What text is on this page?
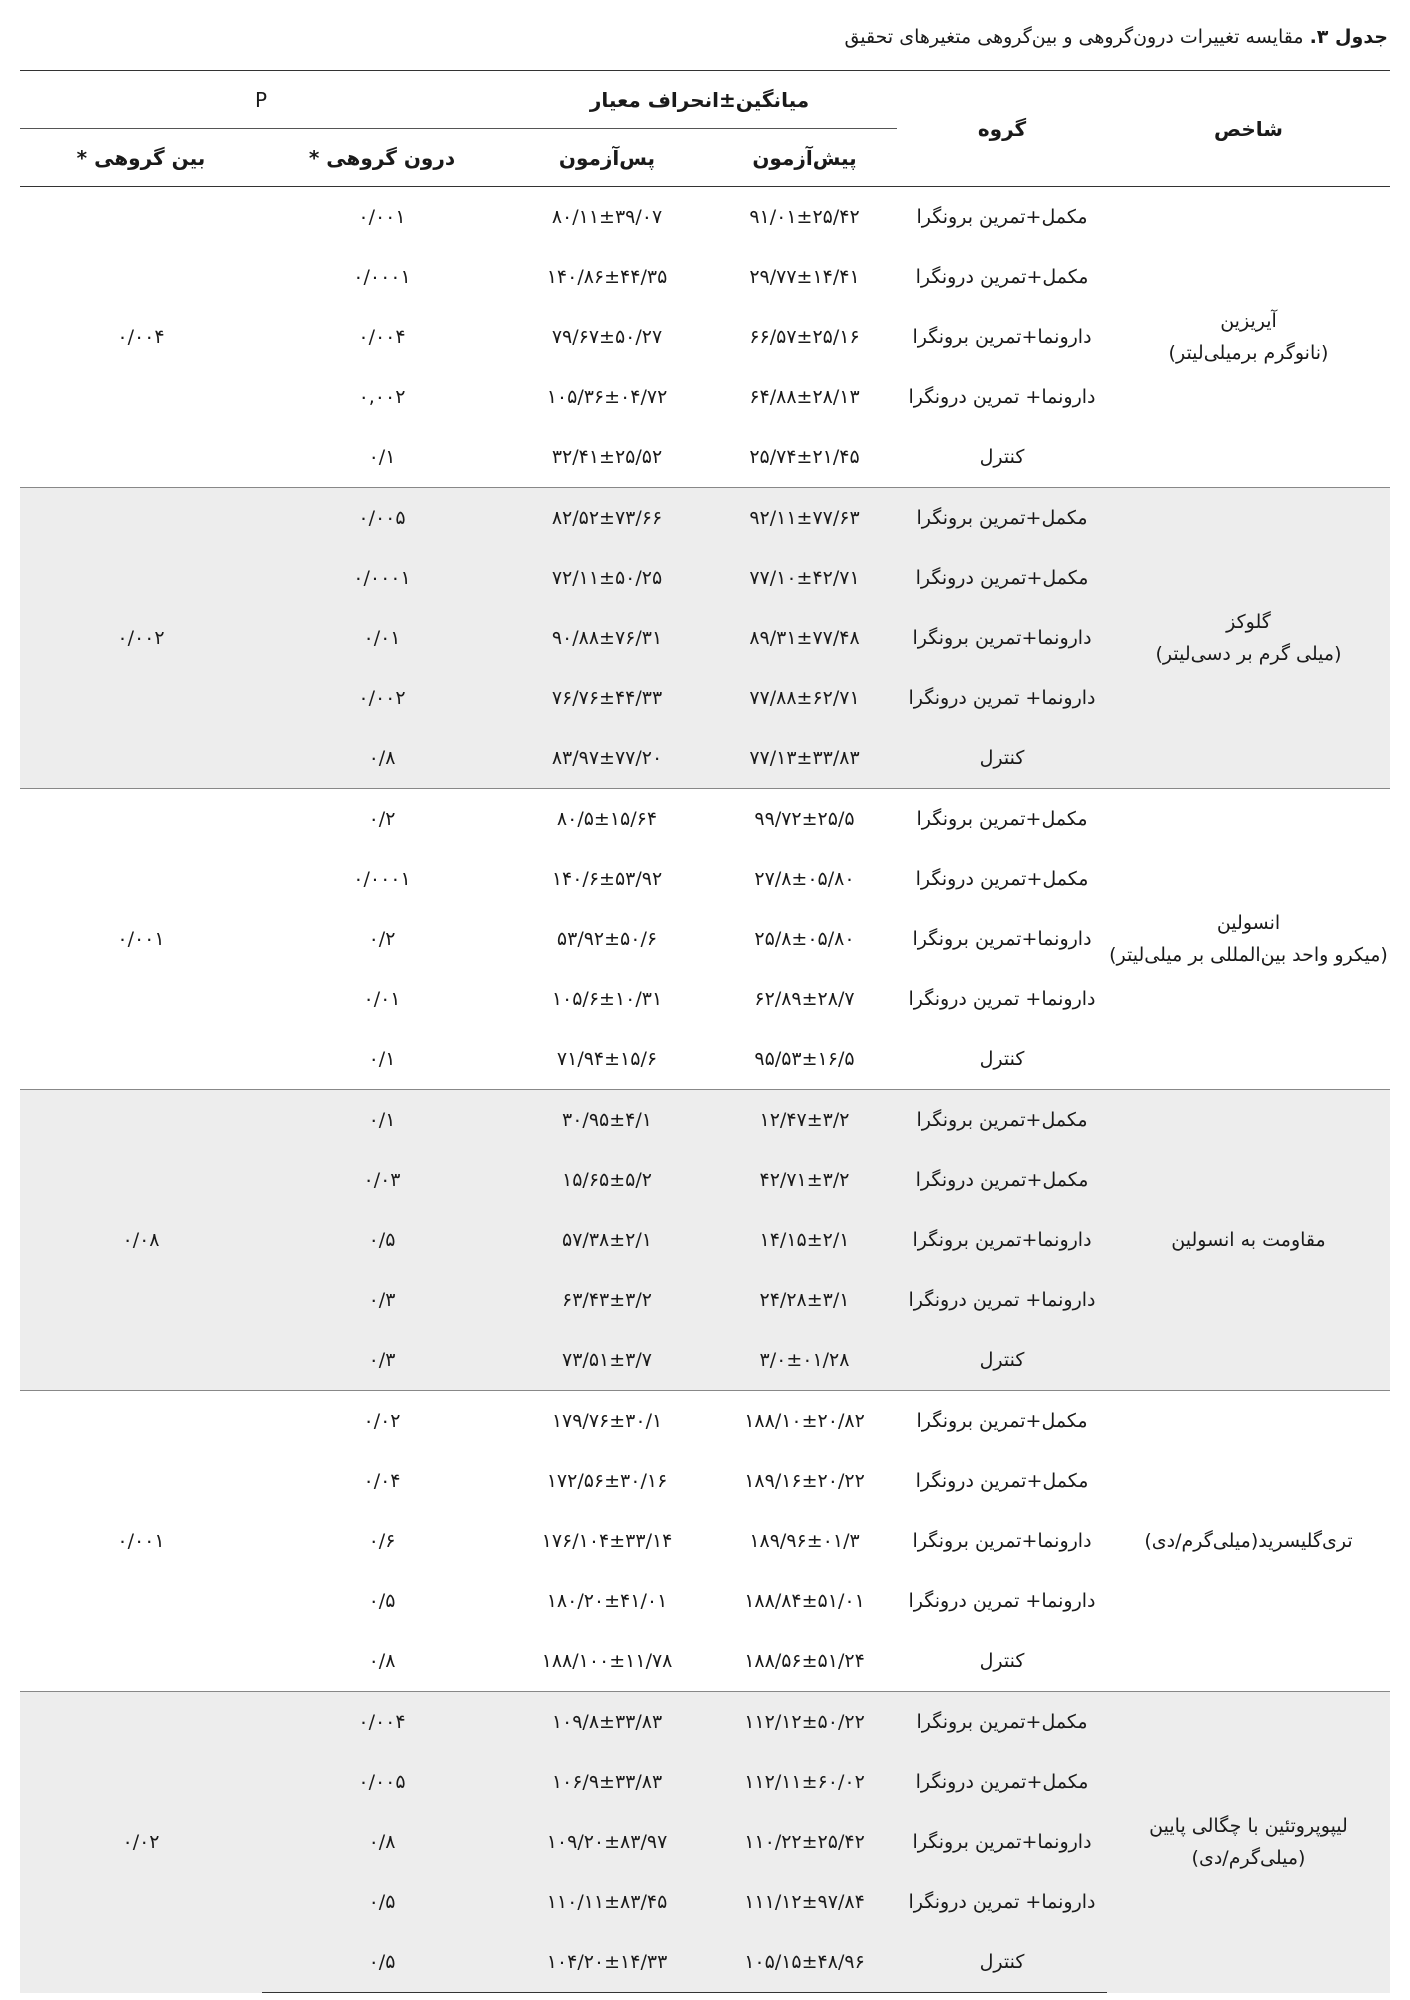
جدول ۳. مقایسه تغییرات درون‌گروهی و بین‌گروهی متغیرهای تحقیق
شاخص	گروه	میانگین±انحراف معیار		P	
		پیش‌آزمون	پس‌آزمون	درون گروهی *	بین گروهی *

آیریزین
(نانوگرم برمیلی‌لیتر)	مکمل+تمرین برونگرا	۹۱/۰۱±۲۵/۴۲	۸۰/۱۱±۳۹/۰۷	۰/۰۰۱	۰/۰۰۴
	مکمل+تمرین درونگرا	۲۹/۷۷±۱۴/۴۱	۱۴۰/۸۶±۴۴/۳۵	۰/۰۰۰۱	
	دارونما+تمرین برونگرا	۶۶/۵۷±۲۵/۱۶	۷۹/۶۷±۵۰/۲۷	۰/۰۰۴	
	دارونما+ تمرین درونگرا	۶۴/۸۸±۲۸/۱۳	۱۰۵/۳۶±۰۴/۷۲	۰,۰۰۲	
	کنترل	۲۵/۷۴±۲۱/۴۵	۳۲/۴۱±۲۵/۵۲	۰/۱	

گلوکز
(میلی گرم بر دسی‌لیتر)	مکمل+تمرین برونگرا	۹۲/۱۱±۷۷/۶۳	۸۲/۵۲±۷۳/۶۶	۰/۰۰۵	۰/۰۰۲
	مکمل+تمرین درونگرا	۷۷/۱۰±۴۲/۷۱	۷۲/۱۱±۵۰/۲۵	۰/۰۰۰۱	
	دارونما+تمرین برونگرا	۸۹/۳۱±۷۷/۴۸	۹۰/۸۸±۷۶/۳۱	۰/۰۱	
	دارونما+ تمرین درونگرا	۷۷/۸۸±۶۲/۷۱	۷۶/۷۶±۴۴/۳۳	۰/۰۰۲	
	کنترل	۷۷/۱۳±۳۳/۸۳	۸۳/۹۷±۷۷/۲۰	۰/۸	

انسولین
(میکرو واحد بین‌المللی بر میلی‌لیتر)	مکمل+تمرین برونگرا	۹۹/۷۲±۲۵/۵	۸۰/۵±۱۵/۶۴	۰/۲	۰/۰۰۱
	مکمل+تمرین درونگرا	۲۷/۸±۰۵/۸۰	۱۴۰/۶±۵۳/۹۲	۰/۰۰۰۱	
	دارونما+تمرین برونگرا	۲۵/۸±۰۵/۸۰	۵۳/۹۲±۵۰/۶	۰/۲	
	دارونما+ تمرین درونگرا	۶۲/۸۹±۲۸/۷	۱۰۵/۶±۱۰/۳۱	۰/۰۱	
	کنترل	۹۵/۵۳±۱۶/۵	۷۱/۹۴±۱۵/۶	۰/۱	

مقاومت به انسولین	مکمل+تمرین برونگرا	۱۲/۴۷±۳/۲	۳۰/۹۵±۴/۱	۰/۱	۰/۰۸
	مکمل+تمرین درونگرا	۴۲/۷۱±۳/۲	۱۵/۶۵±۵/۲	۰/۰۳	
	دارونما+تمرین برونگرا	۱۴/۱۵±۲/۱	۵۷/۳۸±۲/۱	۰/۵	
	دارونما+ تمرین درونگرا	۲۴/۲۸±۳/۱	۶۳/۴۳±۳/۲	۰/۳	
	کنترل	۳/۰±۰۱/۲۸	۷۳/۵۱±۳/۷	۰/۳	

تری‌گلیسرید(میلی‌گرم/دی)	مکمل+تمرین برونگرا	۱۸۸/۱۰±۲۰/۸۲	۱۷۹/۷۶±۳۰/۱	۰/۰۲	۰/۰۰۱
	مکمل+تمرین درونگرا	۱۸۹/۱۶±۲۰/۲۲	۱۷۲/۵۶±۳۰/۱۶	۰/۰۴	
	دارونما+تمرین برونگرا	۱۸۹/۹۶±۰۱/۳	۱۷۶/۱۰۴±۳۳/۱۴	۰/۶	
	دارونما+ تمرین درونگرا	۱۸۸/۸۴±۵۱/۰۱	۱۸۰/۲۰±۴۱/۰۱	۰/۵	
	کنترل	۱۸۸/۵۶±۵۱/۲۴	۱۸۸/۱۰۰±۱۱/۷۸	۰/۸	

لیپوپروتئین با چگالی پایین
(میلی‌گرم/دی)	مکمل+تمرین برونگرا	۱۱۲/۱۲±۵۰/۲۲	۱۰۹/۸±۳۳/۸۳	۰/۰۰۴	۰/۰۲
	مکمل+تمرین درونگرا	۱۱۲/۱۱±۶۰/۰۲	۱۰۶/۹±۳۳/۸۳	۰/۰۰۵	
	دارونما+تمرین برونگرا	۱۱۰/۲۲±۲۵/۴۲	۱۰۹/۲۰±۸۳/۹۷	۰/۸	
	دارونما+ تمرین درونگرا	۱۱۱/۱۲±۹۷/۸۴	۱۱۰/۱۱±۸۳/۴۵	۰/۵	
	کنترل	۱۰۵/۱۵±۴۸/۹۶	۱۰۴/۲۰±۱۴/۳۳	۰/۵	
